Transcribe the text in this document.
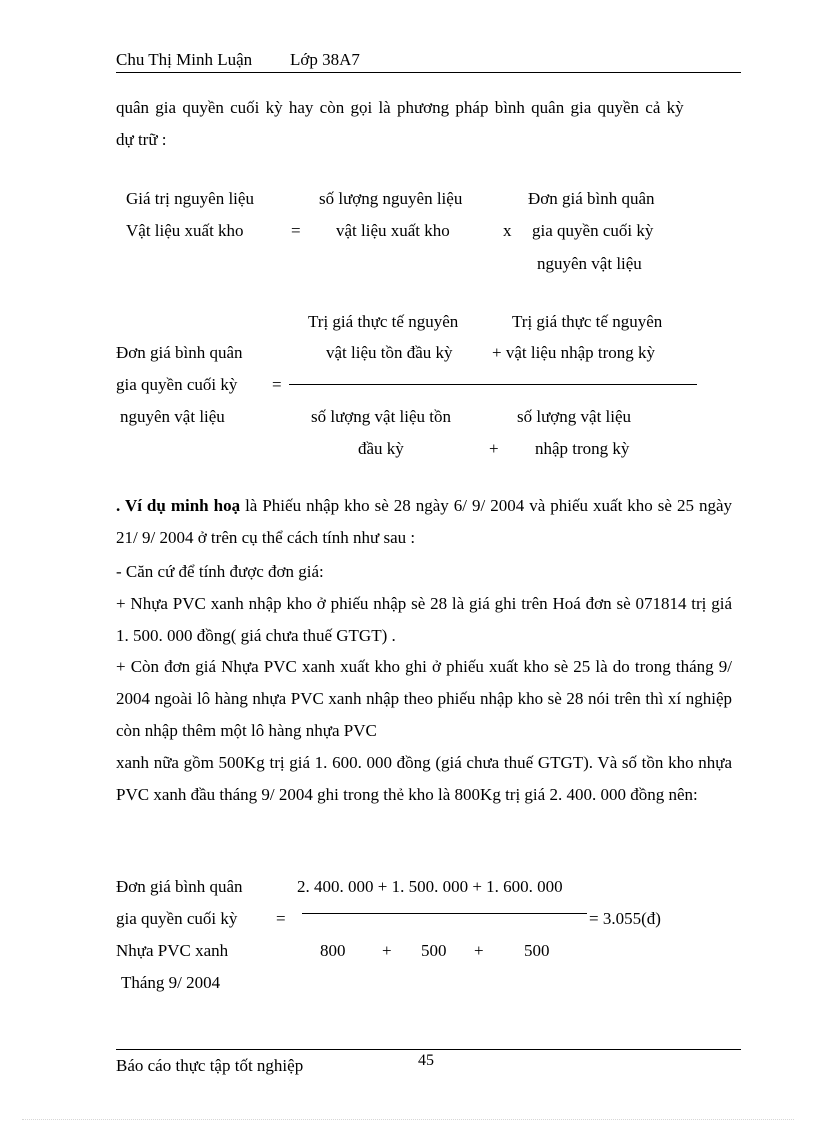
Chu Thị Minh Luận Lớp 38A7
quân gia quyền cuối kỳ hay còn gọi là phương pháp bình quân gia quyền cả kỳ
dự trữ :
Giá trị nguyên liệu
Vật liệu xuất kho	=
số lượng nguyên liệu
vật liệu xuất kho	x
Đơn giá bình quân
gia quyền cuối kỳ
nguyên vật liệu
Trị giá thực tế nguyên	Trị giá thực tế nguyên
Đơn giá bình quân	vật liệu tồn đầu kỳ + vật liệu nhập trong kỳ
gia quyền cuối kỳ =
nguyên vật liệu	số lượng vật liệu tồn	số lượng vật liệu
đầu kỳ	+ nhập trong kỳ
. Ví dụ minh hoạ là Phiếu nhập kho sè 28 ngày 6/ 9/ 2004 và phiếu xuất kho sè 25 ngày 21/ 9/ 2004 ở trên cụ thể cách tính như sau :
- Căn cứ để tính được đơn giá:
+ Nhựa PVC xanh nhập kho ở phiếu nhập sè 28 là giá ghi trên Hoá đơn sè 071814 trị giá 1. 500. 000 đồng( giá chưa thuế GTGT) .
+ Còn đơn giá Nhựa PVC xanh xuất kho ghi ở phiếu xuất kho sè 25 là do trong tháng 9/ 2004 ngoài lô hàng nhựa PVC xanh nhập theo phiếu nhập kho sè 28 nói trên thì xí nghiệp còn nhập thêm một lô hàng nhựa PVC
xanh nữa gồm 500Kg trị giá 1. 600. 000 đồng (giá chưa thuế GTGT). Và số tồn kho nhựa PVC xanh đầu tháng 9/ 2004 ghi trong thẻ kho là 800Kg trị giá 2. 400. 000 đồng nên:
Đơn giá bình quân	2. 400. 000 + 1. 500. 000 + 1. 600. 000
gia quyền cuối kỳ =	= 3.055(đ)
Nhựa PVC xanh	800 + 500 + 500
Tháng 9/ 2004
45
Báo cáo thực tập tốt nghiệp
